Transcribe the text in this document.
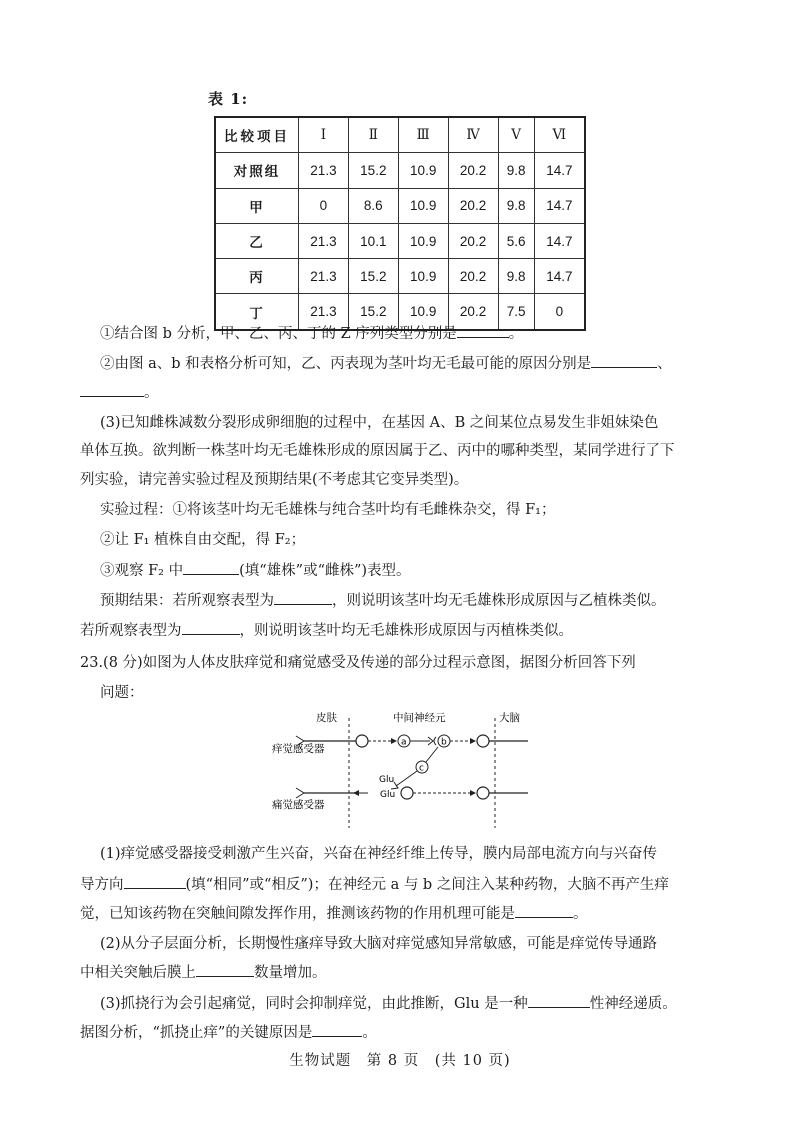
表 1:
比较项目	Ⅰ	Ⅱ	Ⅲ	Ⅳ	Ⅴ	Ⅵ
对照组	21.3	15.2	10.9	20.2	9.8	14.7
甲	0	8.6	10.9	20.2	9.8	14.7
乙	21.3	10.1	10.9	20.2	5.6	14.7
丙	21.3	15.2	10.9	20.2	9.8	14.7
丁	21.3	15.2	10.9	20.2	7.5	0
①结合图 b 分析，甲、乙、丙、丁的 Z 序列类型分别是	。
②由图 a、b 和表格分析可知，乙、丙表现为茎叶均无毛最可能的原因分别是	、
。
(3)已知雌株减数分裂形成卵细胞的过程中，在基因 A、B 之间某位点易发生非姐妹染色
单体互换。欲判断一株茎叶均无毛雄株形成的原因属于乙、丙中的哪种类型，某同学进行了下
列实验，请完善实验过程及预期结果(不考虑其它变异类型)。
实验过程：①将该茎叶均无毛雄株与纯合茎叶均有毛雌株杂交，得 F₁；
②让 F₁ 植株自由交配，得 F₂；
③观察 F₂ 中	(填“雄株”或“雌株”)表型。
预期结果：若所观察表型为	，则说明该茎叶均无毛雄株形成原因与乙植株类似。
若所观察表型为	，则说明该茎叶均无毛雄株形成原因与丙植株类似。
23.(8 分)如图为人体皮肤痒觉和痛觉感受及传递的部分过程示意图，据图分析回答下列
问题：
皮肤	中间神经元	大脑
痒觉感受器
痛觉感受器
a	b
c
Glu
Glu
(1)痒觉感受器接受刺激产生兴奋，兴奋在神经纤维上传导，膜内局部电流方向与兴奋传
导方向	(填“相同”或“相反”)；在神经元 a 与 b 之间注入某种药物，大脑不再产生痒
觉，已知该药物在突触间隙发挥作用，推测该药物的作用机理可能是	。
(2)从分子层面分析，长期慢性瘙痒导致大脑对痒觉感知异常敏感，可能是痒觉传导通路
中相关突触后膜上	数量增加。
(3)抓挠行为会引起痛觉，同时会抑制痒觉，由此推断，Glu 是一种	性神经递质。
据图分析，“抓挠止痒”的关键原因是	。
生物试题　第 8 页　(共 10 页)
